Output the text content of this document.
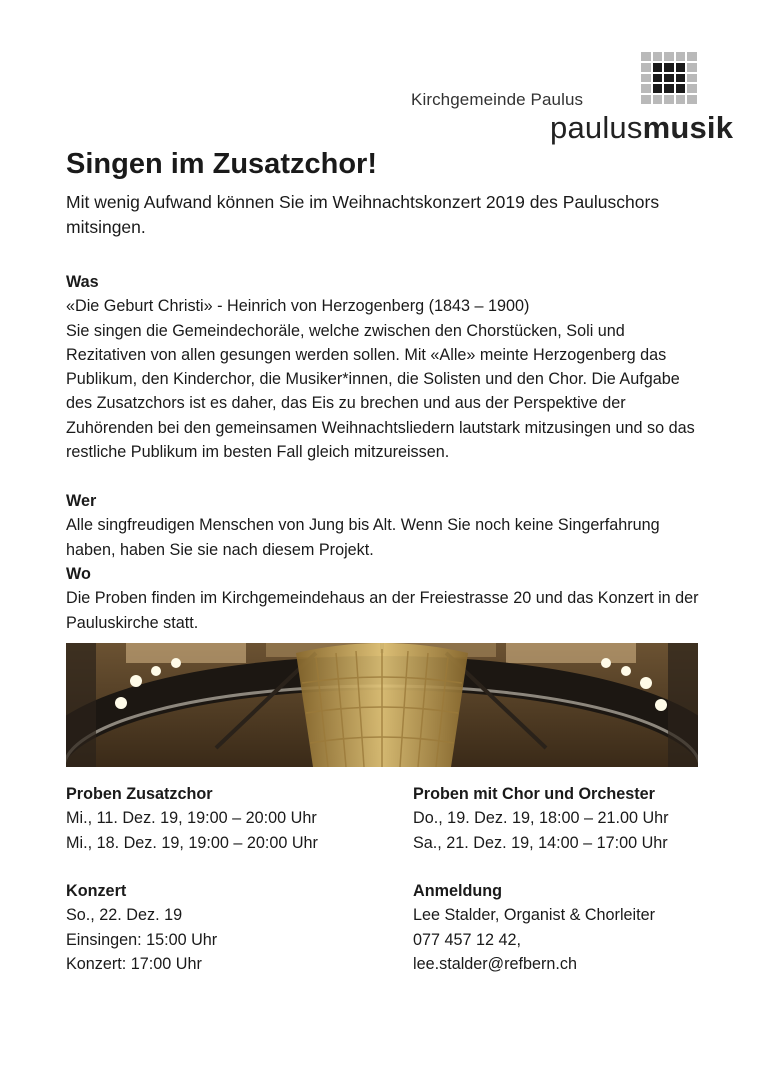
Kirchgemeinde Paulus
paulusmusik
Singen im Zusatzchor!

Mit wenig Aufwand können Sie im Weihnachtskonzert 2019 des Pauluschors mitsingen.

Was
«Die Geburt Christi» - Heinrich von Herzogenberg (1843 – 1900)
Sie singen die Gemeindechoräle, welche zwischen den Chorstücken, Soli und Rezitativen von allen gesungen werden sollen. Mit «Alle» meinte Herzogenberg das Publikum, den Kinderchor, die Musiker*innen, die Solisten und den Chor. Die Aufgabe des Zusatzchors ist es daher, das Eis zu brechen und aus der Perspektive der Zuhörenden bei den gemeinsamen Weihnachtsliedern lautstark mitzusingen und so das restliche Publikum im besten Fall gleich mitzureissen.
Wer
Alle singfreudigen Menschen von Jung bis Alt. Wenn Sie noch keine Singerfahrung haben, haben Sie sie nach diesem Projekt.
Wo
Die Proben finden im Kirchgemeindehaus an der Freiestrasse 20 und das Konzert in der Pauluskirche statt.
Proben Zusatzchor
Mi., 11. Dez. 19, 19:00 – 20:00 Uhr
Mi., 18. Dez. 19, 19:00 – 20:00 Uhr
Proben mit Chor und Orchester
Do., 19. Dez. 19, 18:00 – 21.00 Uhr
Sa., 21. Dez. 19, 14:00 – 17:00 Uhr
Konzert
So., 22. Dez. 19
Einsingen: 15:00 Uhr
Konzert: 17:00 Uhr
Anmeldung
Lee Stalder, Organist & Chorleiter
077 457 12 42,
lee.stalder@refbern.ch
